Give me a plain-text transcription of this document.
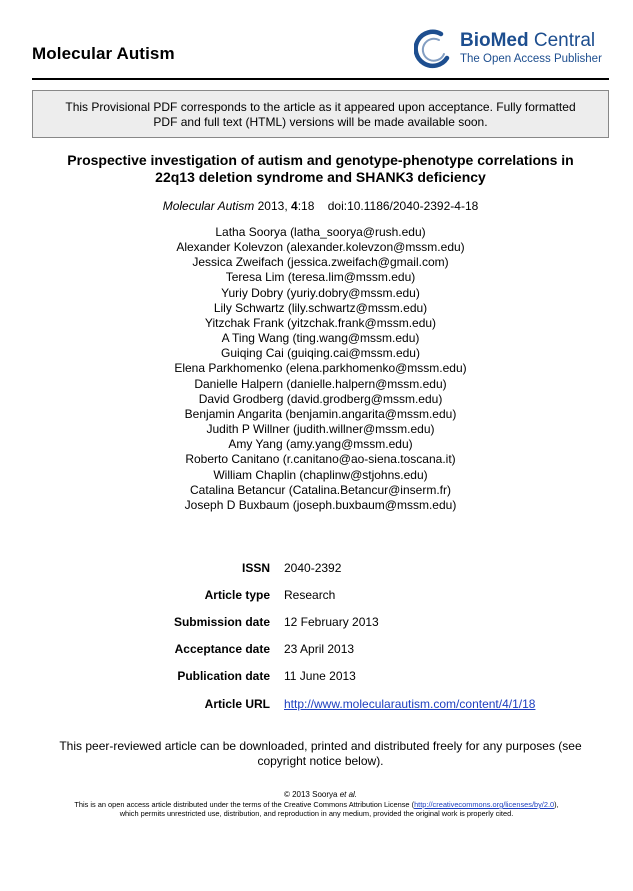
Molecular Autism
BioMed Central
The Open Access Publisher
This Provisional PDF corresponds to the article as it appeared upon acceptance. Fully formatted
PDF and full text (HTML) versions will be made available soon.
Prospective investigation of autism and genotype-phenotype correlations in
22q13 deletion syndrome and SHANK3 deficiency
Molecular Autism 2013, 4:18 doi:10.1186/2040-2392-4-18
Latha Soorya (latha_soorya@rush.edu)
Alexander Kolevzon (alexander.kolevzon@mssm.edu)
Jessica Zweifach (jessica.zweifach@gmail.com)
Teresa Lim (teresa.lim@mssm.edu)
Yuriy Dobry (yuriy.dobry@mssm.edu)
Lily Schwartz (lily.schwartz@mssm.edu)
Yitzchak Frank (yitzchak.frank@mssm.edu)
A Ting Wang (ting.wang@mssm.edu)
Guiqing Cai (guiqing.cai@mssm.edu)
Elena Parkhomenko (elena.parkhomenko@mssm.edu)
Danielle Halpern (danielle.halpern@mssm.edu)
David Grodberg (david.grodberg@mssm.edu)
Benjamin Angarita (benjamin.angarita@mssm.edu)
Judith P Willner (judith.willner@mssm.edu)
Amy Yang (amy.yang@mssm.edu)
Roberto Canitano (r.canitano@ao-siena.toscana.it)
William Chaplin (chaplinw@stjohns.edu)
Catalina Betancur (Catalina.Betancur@inserm.fr)
Joseph D Buxbaum (joseph.buxbaum@mssm.edu)
ISSN 2040-2392
Article type Research
Submission date 12 February 2013
Acceptance date 23 April 2013
Publication date 11 June 2013
Article URL http://www.molecularautism.com/content/4/1/18
This peer-reviewed article can be downloaded, printed and distributed freely for any purposes (see
copyright notice below).
© 2013 Soorya et al.
This is an open access article distributed under the terms of the Creative Commons Attribution License (http://creativecommons.org/licenses/by/2.0),
which permits unrestricted use, distribution, and reproduction in any medium, provided the original work is properly cited.
